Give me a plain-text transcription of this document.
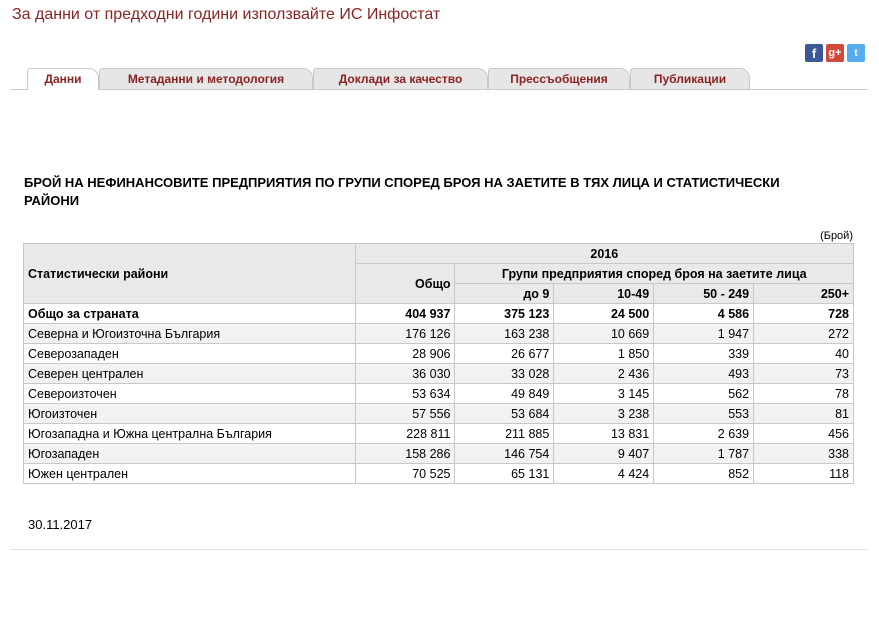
За данни от предходни години използвайте ИС Инфостат
f	g+	t
Данни	Метаданни и методология	Доклади за качество	Прессъобщения	Публикации
БРОЙ НА НЕФИНАНСОВИТЕ ПРЕДПРИЯТИЯ ПО ГРУПИ СПОРЕД БРОЯ НА ЗАЕТИТЕ В ТЯХ ЛИЦА И СТАТИСТИЧЕСКИ РАЙОНИ
(Брой)
Статистически райони	2016				
	Общо	Групи предприятия според броя на заетите лица			
		до 9	10-49	50 - 249	250+
Общо за страната	404 937	375 123	24 500	4 586	728
Северна и Югоизточна България	176 126	163 238	10 669	1 947	272
Северозападен	28 906	26 677	1 850	339	40
Северен централен	36 030	33 028	2 436	493	73
Североизточен	53 634	49 849	3 145	562	78
Югоизточен	57 556	53 684	3 238	553	81
Югозападна и Южна централна България	228 811	211 885	13 831	2 639	456
Югозападен	158 286	146 754	9 407	1 787	338
Южен централен	70 525	65 131	4 424	852	118
30.11.2017
